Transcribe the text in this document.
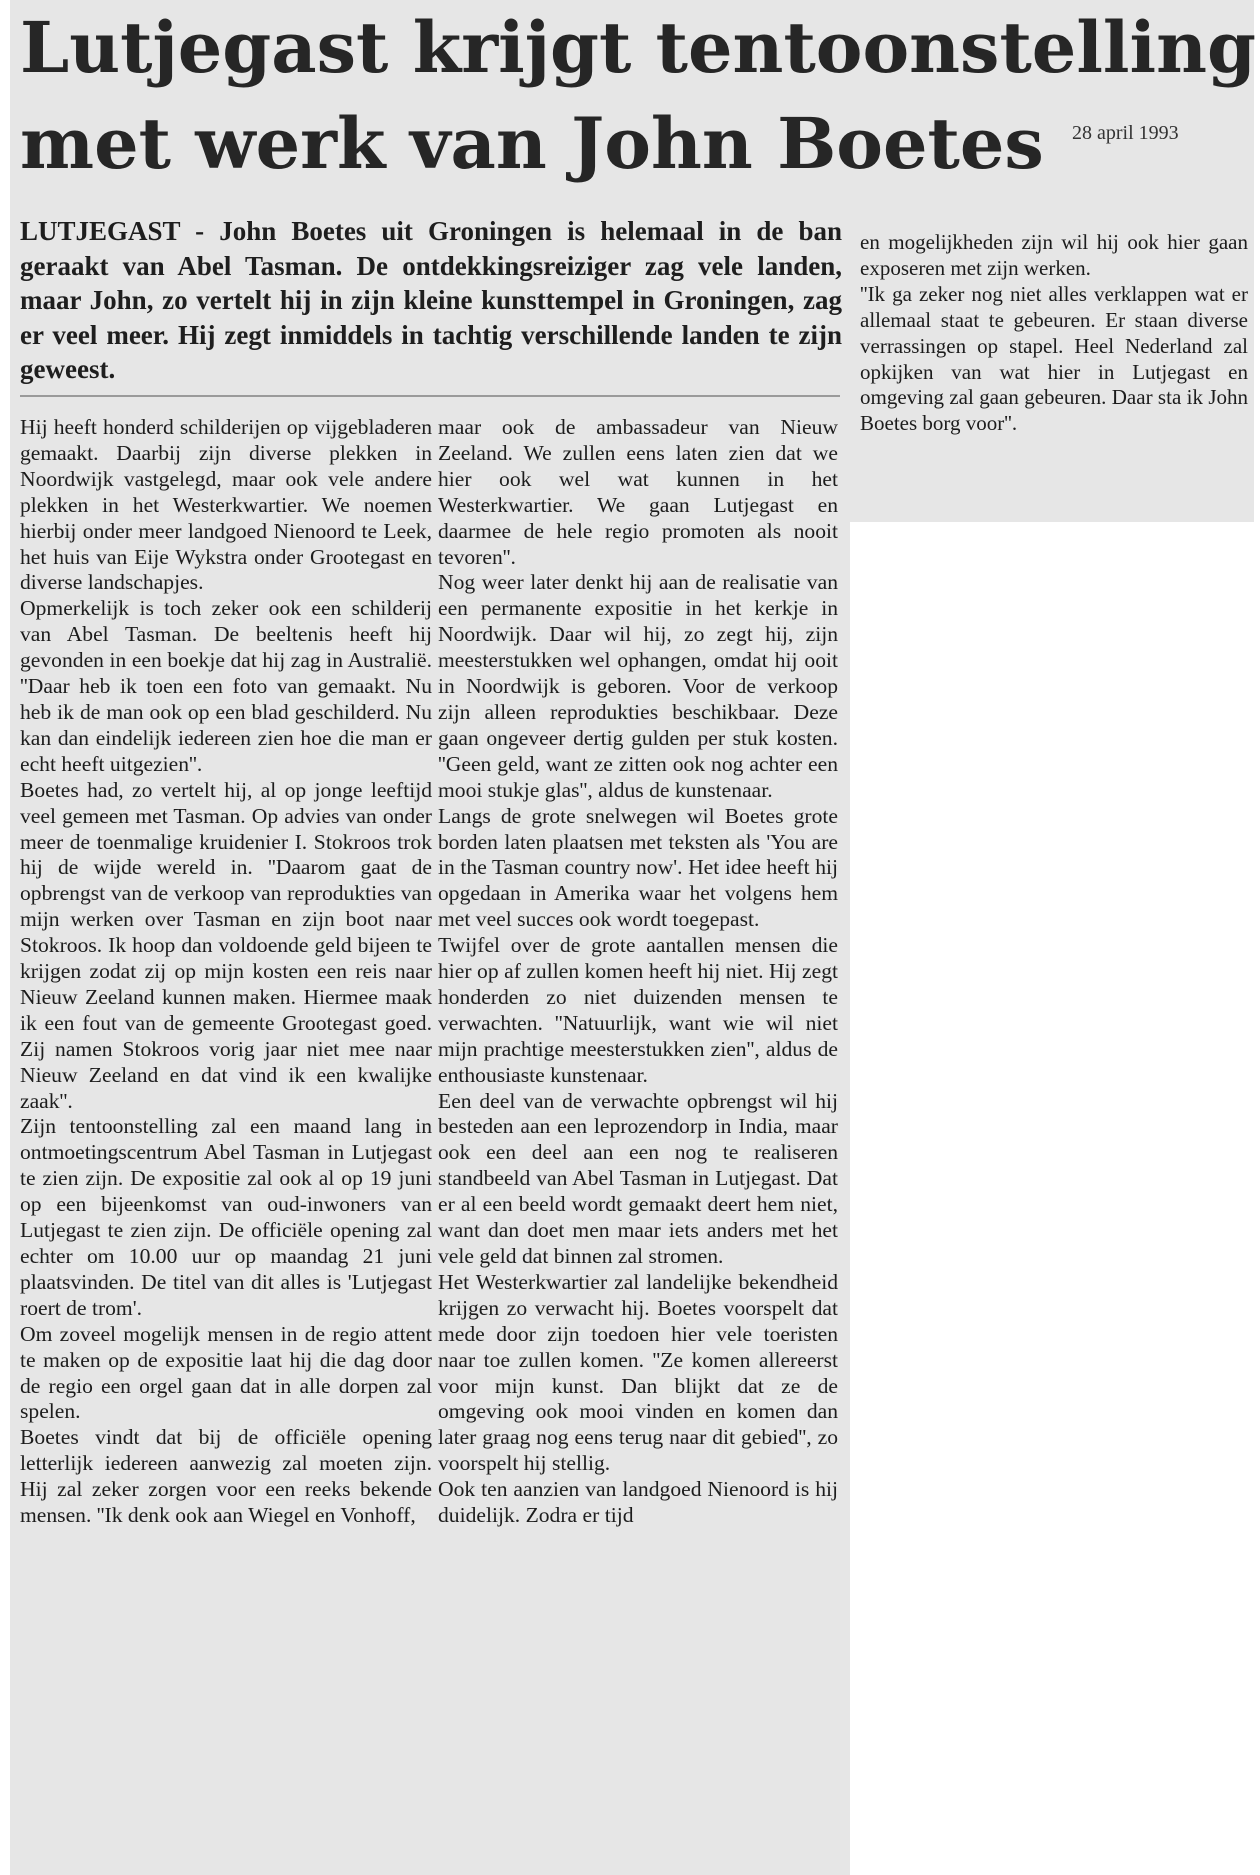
Lutjegast krijgt tentoonstelling
met werk van John Boetes	28 april 1993
LUTJEGAST - John Boetes uit Groningen is helemaal in de ban geraakt van Abel Tasman. De ontdekkingsreiziger zag vele landen, maar John, zo vertelt hij in zijn kleine kunsttempel in Groningen, zag er veel meer. Hij zegt inmiddels in tachtig verschillende landen te zijn geweest.

Hij heeft honderd schilderijen op vijgebladeren gemaakt. Daarbij zijn diverse plekken in Noordwijk vastgelegd, maar ook vele andere plekken in het Westerkwartier. We noemen hierbij onder meer landgoed Nienoord te Leek, het huis van Eije Wykstra onder Grootegast en diverse landschapjes.

Opmerkelijk is toch zeker ook een schilderij van Abel Tasman. De beeltenis heeft hij gevonden in een boekje dat hij zag in Australië. ''Daar heb ik toen een foto van gemaakt. Nu heb ik de man ook op een blad geschilderd. Nu kan dan eindelijk iedereen zien hoe die man er echt heeft uitgezien''.

Boetes had, zo vertelt hij, al op jonge leeftijd veel gemeen met Tasman. Op advies van onder meer de toenmalige kruidenier I. Stokroos trok hij de wijde wereld in. ''Daarom gaat de opbrengst van de verkoop van reprodukties van mijn werken over Tasman en zijn boot naar Stokroos. Ik hoop dan voldoende geld bijeen te krijgen zodat zij op mijn kosten een reis naar Nieuw Zeeland kunnen maken. Hiermee maak ik een fout van de gemeente Grootegast goed. Zij namen Stokroos vorig jaar niet mee naar Nieuw Zeeland en dat vind ik een kwalijke zaak''.

Zijn tentoonstelling zal een maand lang in ontmoetingscentrum Abel Tasman in Lutjegast te zien zijn. De expositie zal ook al op 19 juni op een bijeenkomst van oud-inwoners van Lutjegast te zien zijn. De officiële opening zal echter om 10.00 uur op maandag 21 juni plaatsvinden. De titel van dit alles is 'Lutjegast roert de trom'.

Om zoveel mogelijk mensen in de regio attent te maken op de expositie laat hij die dag door de regio een orgel gaan dat in alle dorpen zal spelen.

Boetes vindt dat bij de officiële opening letterlijk iedereen aanwezig zal moeten zijn. Hij zal zeker zorgen voor een reeks bekende mensen. ''Ik denk ook aan Wiegel en Vonhoff,

maar ook de ambassadeur van Nieuw Zeeland. We zullen eens laten zien dat we hier ook wel wat kunnen in het Westerkwartier. We gaan Lutjegast en daarmee de hele regio promoten als nooit tevoren''.

Nog weer later denkt hij aan de realisatie van een permanente expositie in het kerkje in Noordwijk. Daar wil hij, zo zegt hij, zijn meesterstukken wel ophangen, omdat hij ooit in Noordwijk is geboren. Voor de verkoop zijn alleen reprodukties beschikbaar. Deze gaan ongeveer dertig gulden per stuk kosten. ''Geen geld, want ze zitten ook nog achter een mooi stukje glas'', aldus de kunstenaar.

Langs de grote snelwegen wil Boetes grote borden laten plaatsen met teksten als 'You are in the Tasman country now'. Het idee heeft hij opgedaan in Amerika waar het volgens hem met veel succes ook wordt toegepast.

Twijfel over de grote aantallen mensen die hier op af zullen komen heeft hij niet. Hij zegt honderden zo niet duizenden mensen te verwachten. ''Natuurlijk, want wie wil niet mijn prachtige meesterstukken zien'', aldus de enthousiaste kunstenaar.

Een deel van de verwachte opbrengst wil hij besteden aan een leprozendorp in India, maar ook een deel aan een nog te realiseren standbeeld van Abel Tasman in Lutjegast. Dat er al een beeld wordt gemaakt deert hem niet, want dan doet men maar iets anders met het vele geld dat binnen zal stromen.

Het Westerkwartier zal landelijke bekendheid krijgen zo verwacht hij. Boetes voorspelt dat mede door zijn toedoen hier vele toeristen naar toe zullen komen. ''Ze komen allereerst voor mijn kunst. Dan blijkt dat ze de omgeving ook mooi vinden en komen dan later graag nog eens terug naar dit gebied'', zo voorspelt hij stellig.

Ook ten aanzien van landgoed Nienoord is hij duidelijk. Zodra er tijd

en mogelijkheden zijn wil hij ook hier gaan exposeren met zijn werken.

''Ik ga zeker nog niet alles verklappen wat er allemaal staat te gebeuren. Er staan diverse verrassingen op stapel. Heel Nederland zal opkijken van wat hier in Lutjegast en omgeving zal gaan gebeuren. Daar sta ik John Boetes borg voor''.
